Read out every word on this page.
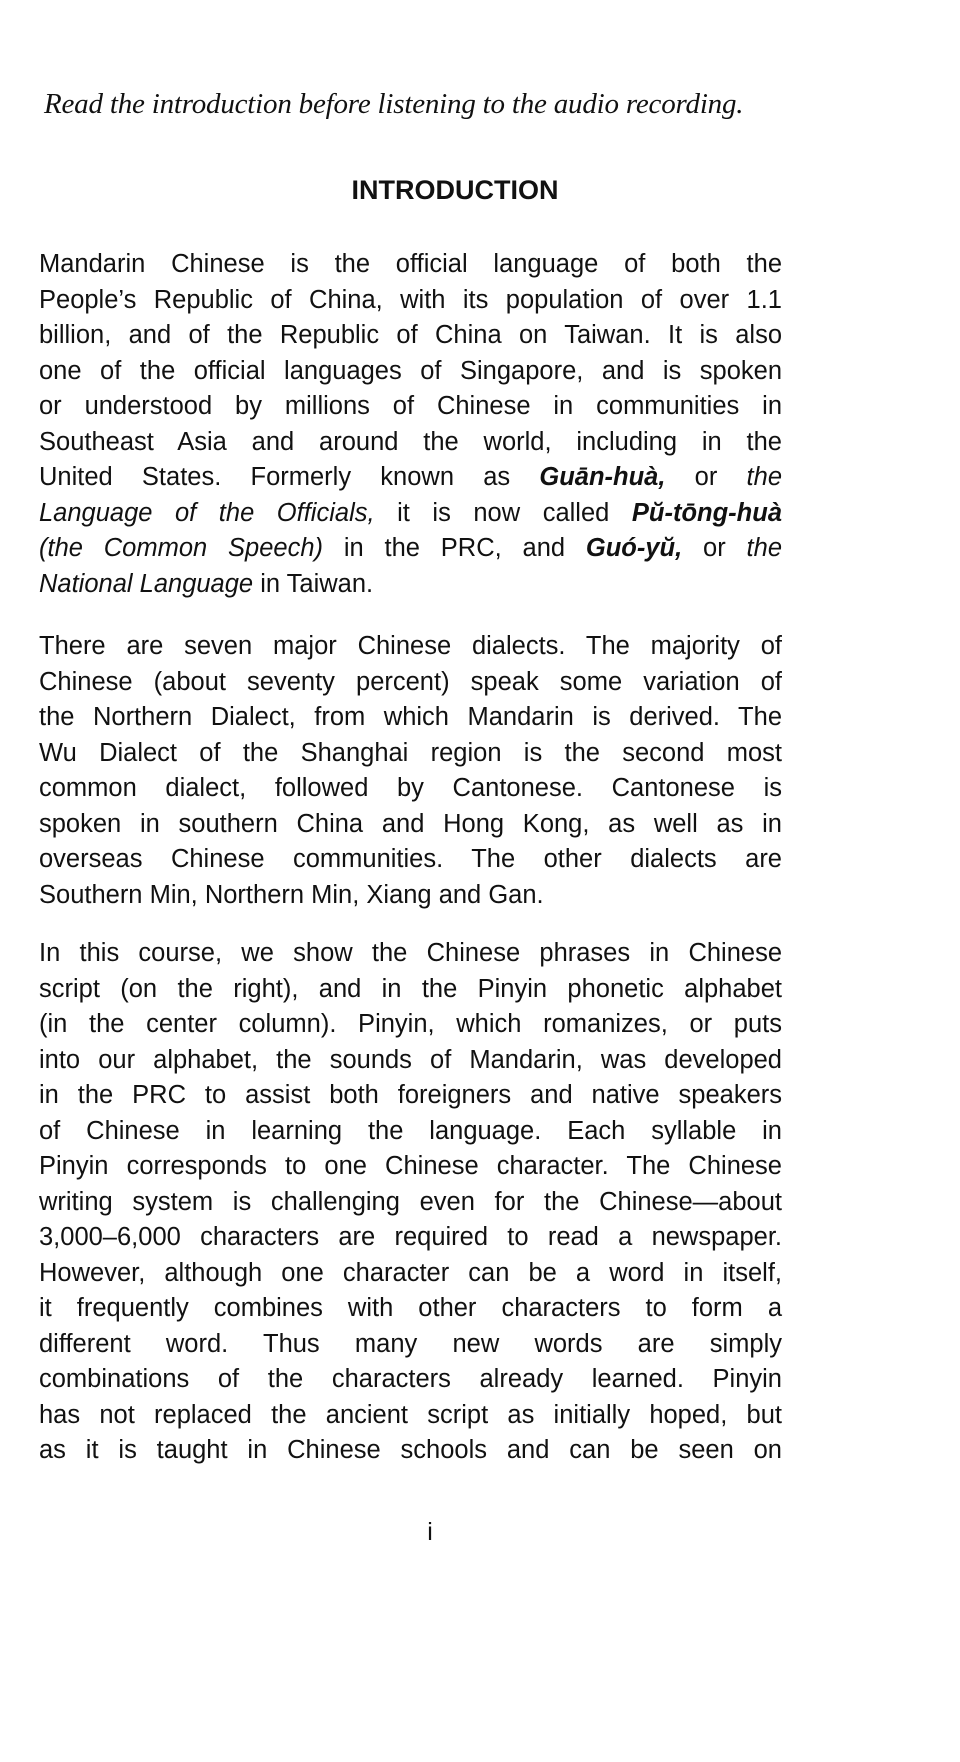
Read the introduction before listening to the audio recording.
INTRODUCTION
Mandarin Chinese is the official language of both the
People’s Republic of China, with its population of over 1.1
billion, and of the Republic of China on Taiwan. It is also
one of the official languages of Singapore, and is spoken
or understood by millions of Chinese in communities in
Southeast Asia and around the world, including in the
United States. Formerly known as Guān-huà, or the
Language of the Officials, it is now called Pŭ-tōng-huà
(the Common Speech) in the PRC, and Guó-yŭ, or the
National Language in Taiwan.
There are seven major Chinese dialects. The majority of
Chinese (about seventy percent) speak some variation of
the Northern Dialect, from which Mandarin is derived. The
Wu Dialect of the Shanghai region is the second most
common dialect, followed by Cantonese. Cantonese is
spoken in southern China and Hong Kong, as well as in
overseas Chinese communities. The other dialects are
Southern Min, Northern Min, Xiang and Gan.
In this course, we show the Chinese phrases in Chinese
script (on the right), and in the Pinyin phonetic alphabet
(in the center column). Pinyin, which romanizes, or puts
into our alphabet, the sounds of Mandarin, was developed
in the PRC to assist both foreigners and native speakers
of Chinese in learning the language. Each syllable in
Pinyin corresponds to one Chinese character. The Chinese
writing system is challenging even for the Chinese—about
3,000–6,000 characters are required to read a newspaper.
However, although one character can be a word in itself,
it frequently combines with other characters to form a
different word. Thus many new words are simply
combinations of the characters already learned. Pinyin
has not replaced the ancient script as initially hoped, but
as it is taught in Chinese schools and can be seen on
i
